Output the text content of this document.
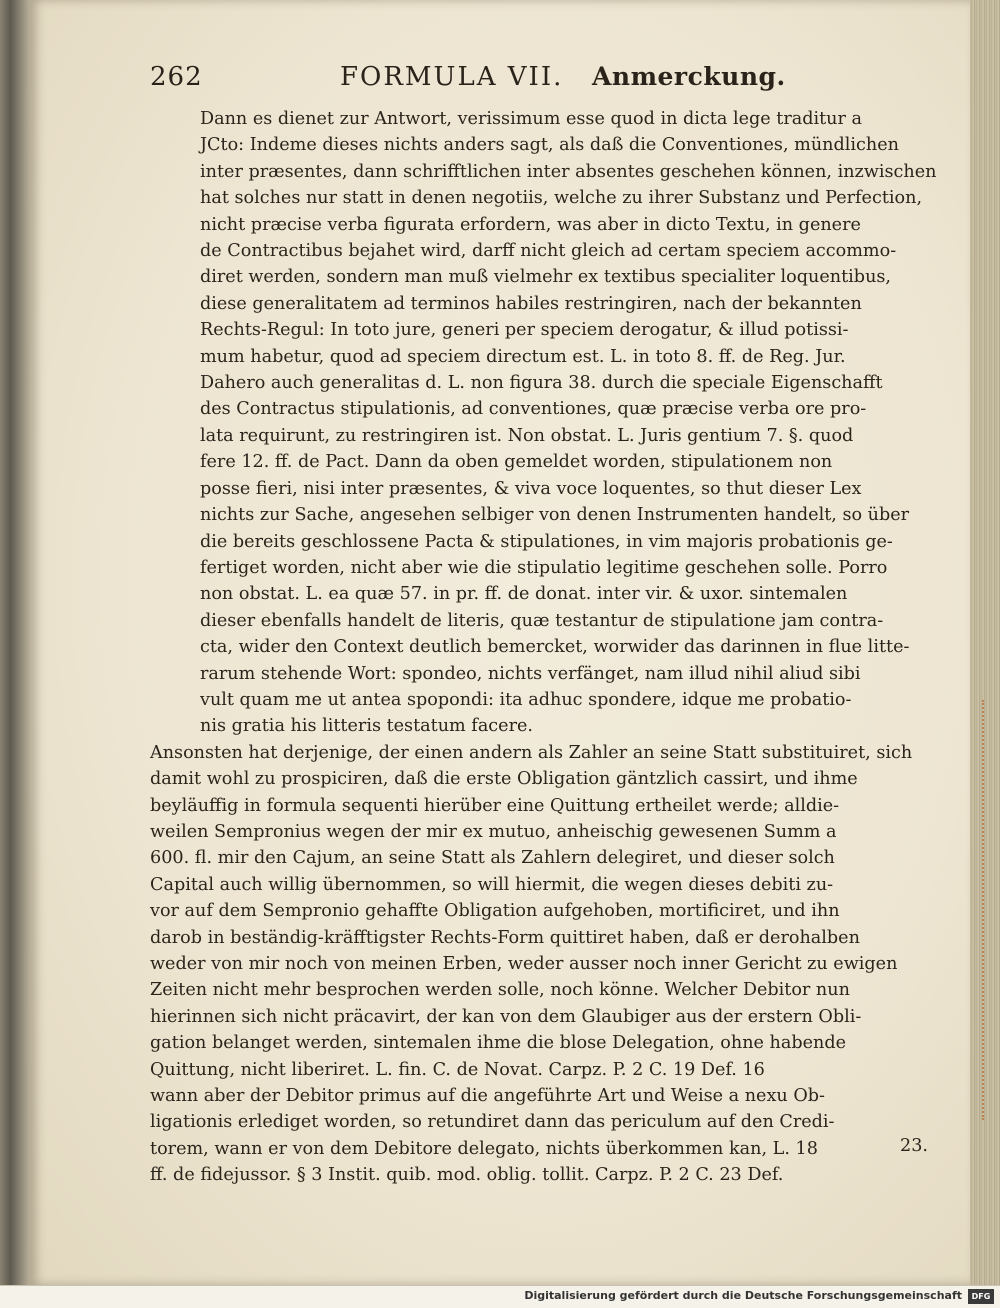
262	FORMULA VII. Anmerckung.
Dann es dienet zur Antwort, verissimum esse quod in dicta lege traditur a
JCto: Indeme dieses nichts anders sagt, als daß die Conventiones, mündlichen
inter præsentes, dann schrifftlichen inter absentes geschehen können, inzwischen
hat solches nur statt in denen negotiis, welche zu ihrer Substanz und Perfection,
nicht præcise verba figurata erfordern, was aber in dicto Textu, in genere
de Contractibus bejahet wird, darff nicht gleich ad certam speciem accommo-
diret werden, sondern man muß vielmehr ex textibus specialiter loquentibus,
diese generalitatem ad terminos habiles restringiren, nach der bekannten
Rechts-Regul: In toto jure, generi per speciem derogatur, & illud potissi-
mum habetur, quod ad speciem directum est. L. in toto 8. ff. de Reg. Jur.
Dahero auch generalitas d. L. non figura 38. durch die speciale Eigenschafft
des Contractus stipulationis, ad conventiones, quæ præcise verba ore pro-
lata requirunt, zu restringiren ist. Non obstat. L. Juris gentium 7. §. quod
fere 12. ff. de Pact. Dann da oben gemeldet worden, stipulationem non
posse fieri, nisi inter præsentes, & viva voce loquentes, so thut dieser Lex
nichts zur Sache, angesehen selbiger von denen Instrumenten handelt, so über
die bereits geschlossene Pacta & stipulationes, in vim majoris probationis ge-
fertiget worden, nicht aber wie die stipulatio legitime geschehen solle. Porro
non obstat. L. ea quæ 57. in pr. ff. de donat. inter vir. & uxor. sintemalen
dieser ebenfalls handelt de literis, quæ testantur de stipulatione jam contra-
cta, wider den Context deutlich bemercket, worwider das darinnen in flue litte-
rarum stehende Wort: spondeo, nichts verfänget, nam illud nihil aliud sibi
vult quam me ut antea spopondi: ita adhuc spondere, idque me probatio-
nis gratia his litteris testatum facere.
Ansonsten hat derjenige, der einen andern als Zahler an seine Statt substituiret, sich
damit wohl zu prospiciren, daß die erste Obligation gäntzlich cassirt, und ihme
beyläuffig in formula sequenti hierüber eine Quittung ertheilet werde; alldie-
weilen Sempronius wegen der mir ex mutuo, anheischig gewesenen Summ a
600. fl. mir den Cajum, an seine Statt als Zahlern delegiret, und dieser solch
Capital auch willig übernommen, so will hiermit, die wegen dieses debiti zu-
vor auf dem Sempronio gehaffte Obligation aufgehoben, mortificiret, und ihn
darob in beständig-kräfftigster Rechts-Form quittiret haben, daß er derohalben
weder von mir noch von meinen Erben, weder ausser noch inner Gericht zu ewigen
Zeiten nicht mehr besprochen werden solle, noch könne. Welcher Debitor nun
hierinnen sich nicht präcavirt, der kan von dem Glaubiger aus der erstern Obli-
gation belanget werden, sintemalen ihme die blose Delegation, ohne habende
Quittung, nicht liberiret. L. fin. C. de Novat. Carpz. P. 2 C. 19 Def. 16
wann aber der Debitor primus auf die angeführte Art und Weise a nexu Ob-
ligationis erlediget worden, so retundiret dann das periculum auf den Credi-
torem, wann er von dem Debitore delegato, nichts überkommen kan, L. 18
ff. de fidejussor. § 3 Instit. quib. mod. oblig. tollit. Carpz. P. 2 C. 23 Def.
23.
Digitalisierung gefördert durch die Deutsche Forschungsgemeinschaft	DFG
